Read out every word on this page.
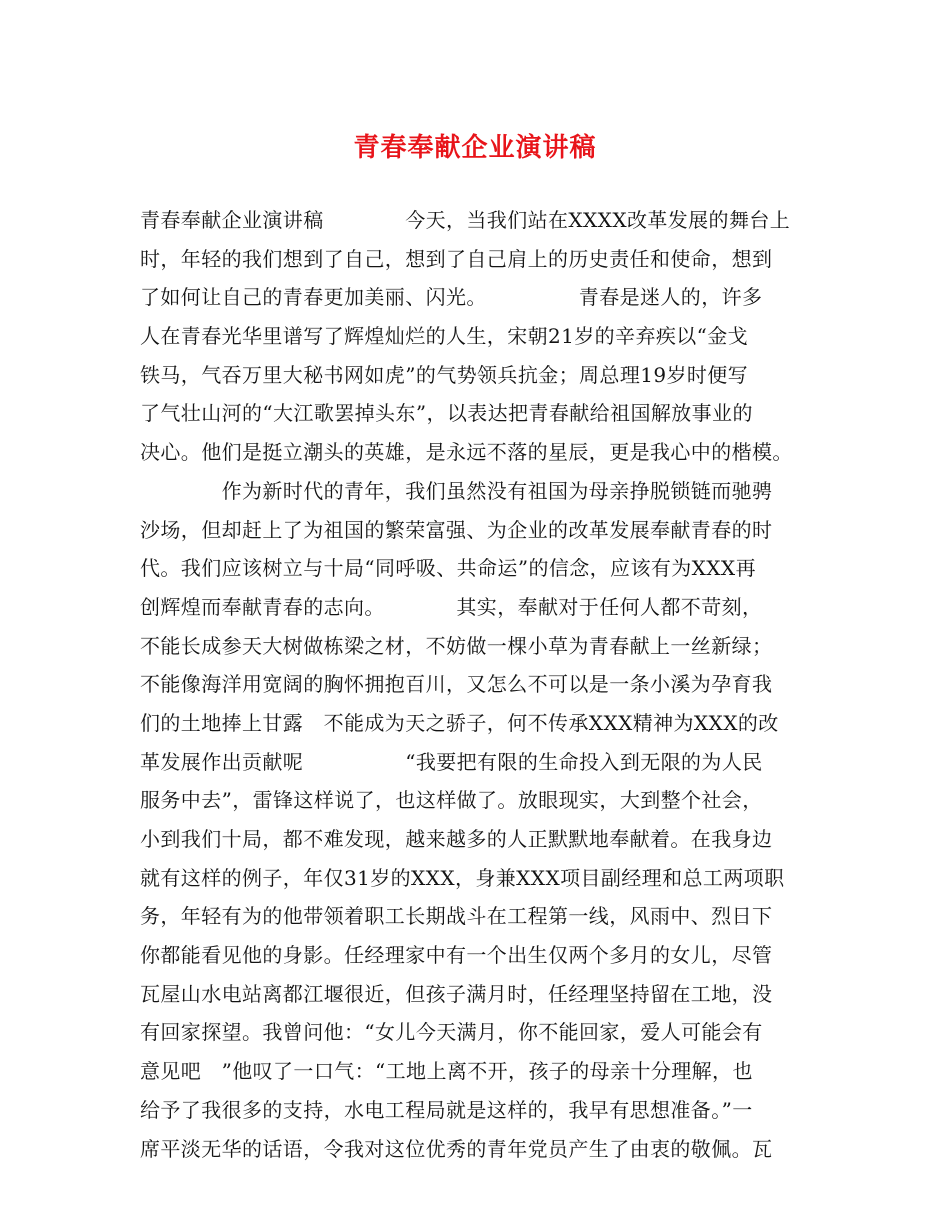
青春奉献企业演讲稿
青春奉献企业演讲稿　　　　今天，当我们站在XXXX改革发展的舞台上
时，年轻的我们想到了自己，想到了自己肩上的历史责任和使命，想到
了如何让自己的青春更加美丽、闪光。　　　　　青春是迷人的，许多
人在青春光华里谱写了辉煌灿烂的人生，宋朝21岁的辛弃疾以“金戈
铁马，气吞万里大秘书网如虎”的气势领兵抗金；周总理19岁时便写
了气壮山河的“大江歌罢掉头东”，以表达把青春献给祖国解放事业的
决心。他们是挺立潮头的英雄，是永远不落的星辰，更是我心中的楷模。
　　　　作为新时代的青年，我们虽然没有祖国为母亲挣脱锁链而驰骋
沙场，但却赶上了为祖国的繁荣富强、为企业的改革发展奉献青春的时
代。我们应该树立与十局“同呼吸、共命运”的信念，应该有为XXX再
创辉煌而奉献青春的志向。　　　　其实，奉献对于任何人都不苛刻，
不能长成参天大树做栋梁之材，不妨做一棵小草为青春献上一丝新绿；
不能像海洋用宽阔的胸怀拥抱百川，又怎么不可以是一条小溪为孕育我
们的土地捧上甘露　不能成为天之骄子，何不传承XXX精神为XXX的改
革发展作出贡献呢　　　　　“我要把有限的生命投入到无限的为人民
服务中去”，雷锋这样说了，也这样做了。放眼现实，大到整个社会，
小到我们十局，都不难发现，越来越多的人正默默地奉献着。在我身边
就有这样的例子，年仅31岁的XXX，身兼XXX项目副经理和总工两项职
务，年轻有为的他带领着职工长期战斗在工程第一线，风雨中、烈日下
你都能看见他的身影。任经理家中有一个出生仅两个多月的女儿，尽管
瓦屋山水电站离都江堰很近，但孩子满月时，任经理坚持留在工地，没
有回家探望。我曾问他：“女儿今天满月，你不能回家，爱人可能会有
意见吧　”他叹了一口气：“工地上离不开，孩子的母亲十分理解，也
给予了我很多的支持，水电工程局就是这样的，我早有思想准备。”一
席平淡无华的话语，令我对这位优秀的青年党员产生了由衷的敬佩。瓦
